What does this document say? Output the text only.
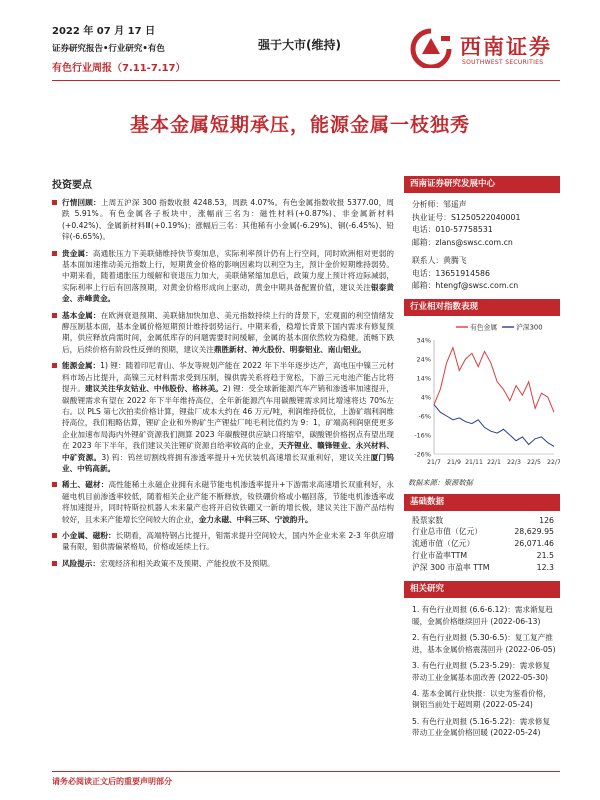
2022 年 07 月 17 日
证券研究报告•行业研究•有色
有色行业周报（7.11-7.17）
强于大市(维持)	西南证券
SOUTHWEST SECURITIES
基本金属短期承压，能源金属一枝独秀
投资要点
行情回顾：上周五沪深 300 指数收报 4248.53，周跌 4.07%。有色金属指数收报 5377.00，周跌 5.91%。有色金属各子板块中，涨幅前三名为：磁性材料(+0.87%)、非金属新材料(+0.42%)、金属新材料Ⅲ(+0.19%)；涨幅后三名：其他稀有小金属(-6.29%)、铜(-6.45%)、铅锌(-6.65%)。
贵金属：高通胀压力下美联储维持快节奏加息，实际利率预计仍有上行空间，同时欧洲相对更弱的基本面加速推动美元指数上行，短期黄金价格的影响因素均以利空为主，预计金价短期维持弱势。中期来看，随着通胀压力缓解和衰退压力加大，美联储紧缩加息后，政策力度上预计将边际减弱，实际利率上行后有回落预期，对黄金价格形成向上驱动，黄金中期具备配置价值，建议关注银泰黄金、赤峰黄金。
基本金属：在欧洲衰退预期、美联储加快加息、美元指数持续上行的背景下，宏观面的利空情绪发酵压制基本面，基本金属价格短期预计维持弱势运行。中期来看，稳增长背景下国内需求有修复预期，供应释放尚需时间，金属低库存的问题需要时间缓解，金属的基本面依然较为稳健。流畅下跌后，后续价格有阶段性反弹的预期，建议关注鼎胜新材、神火股份、明泰铝业、南山铝业。
能源金属：1) 锂：随着印尼青山、华友等规划产能在 2022 年下半年逐步达产，高电压中镍三元材料市场占比提升，高镍三元材料需求受到压制，镍供需关系将趋于宽松，下游三元电池产能占比将提升。建议关注华友钴业、中伟股份、格林美。2) 锂：受全球新能源汽车产销和渗透率加速提升，碳酸锂需求有望在 2022 年下半年维持高位，全年新能源汽车用碳酸锂需求同比增速将达 70%左右。以 PLS 第七次拍卖价格计算，锂盐厂成本大约在 46 万元/吨，利润维持低位，上游矿端利润维持高位，我们粗略估算，锂矿企业和外购矿生产锂盐厂吨毛利比值约为 9：1，矿端高利润驱使更多企业加速布局海内外锂矿资源我们测算 2023 年碳酸锂供应缺口将缩窄，碳酸锂价格拐点有望出现在 2023 年下半年，我们建议关注锂矿资源自给率较高的企业，天齐锂业、赣锋锂业、永兴材料、中矿资源。3) 钨：钨丝切割线将拥有渗透率提升+光伏装机高速增长双重利好，建议关注厦门钨业、中钨高新。
稀土、磁材：高性能稀土永磁企业拥有永磁节能电机渗透率提升+下游需求高速增长双重利好，永磁电机目前渗透率较低，随着相关企业产能不断释放，钕铁硼价格或小幅回落，节能电机渗透率或将加速提升，同时特斯拉机器人未来量产也将开启钕铁硼又一新的增长极，建议关注下游产品结构较好，且未来产能增长空间较大的企业，金力永磁、中科三环、宁波韵升。
小金属、磁粉：长期看，高端特钢占比提升，钼需求提升空间较大，国内外企业未来 2-3 年供应增量有限，钼供需偏紧格局，价格或延续上行。
风险提示：宏观经济和相关政策不及预期、产能投放不及预期。
西南证券研究发展中心
分析师：邹遥声
执业证号：S1250522040001
电话：010-57758531
邮箱：zlans@swsc.com.cn
联系人：黄腾飞
电话：13651914586
邮箱：htengf@swsc.com.cn
行业相对指数表现
34%
24%
14%
4%
-6%
-16%
-26%
21/7 21/9 21/11 22/1 22/3 22/5 22/7
有色金属	沪深300
数据来源：聚源数据
基础数据
股票家数	126
行业总市值（亿元）	28,629.95
流通市值（亿元）	26,071.46
行业市盈率TTM	21.5
沪深 300 市盈率 TTM	12.3
相关研究
1. 有色行业周报 (6.6-6.12)：需求渐复趋暖，金属价格继续回升 (2022-06-13)
2. 有色行业周报 (5.30-6.5)：复工复产推进，基本金属价格震荡回升 (2022-06-05)
3. 有色行业周报 (5.23-5.29)：需求修复带动工业金属基本面改善 (2022-05-30)
4. 基本金属行业快报：以史为鉴看价格，铜铝当前处于超周期 (2022-05-24)
5. 有色行业周报 (5.16-5.22)：需求修复带动工业金属价格回暖 (2022-05-24)
请务必阅读正文后的重要声明部分
